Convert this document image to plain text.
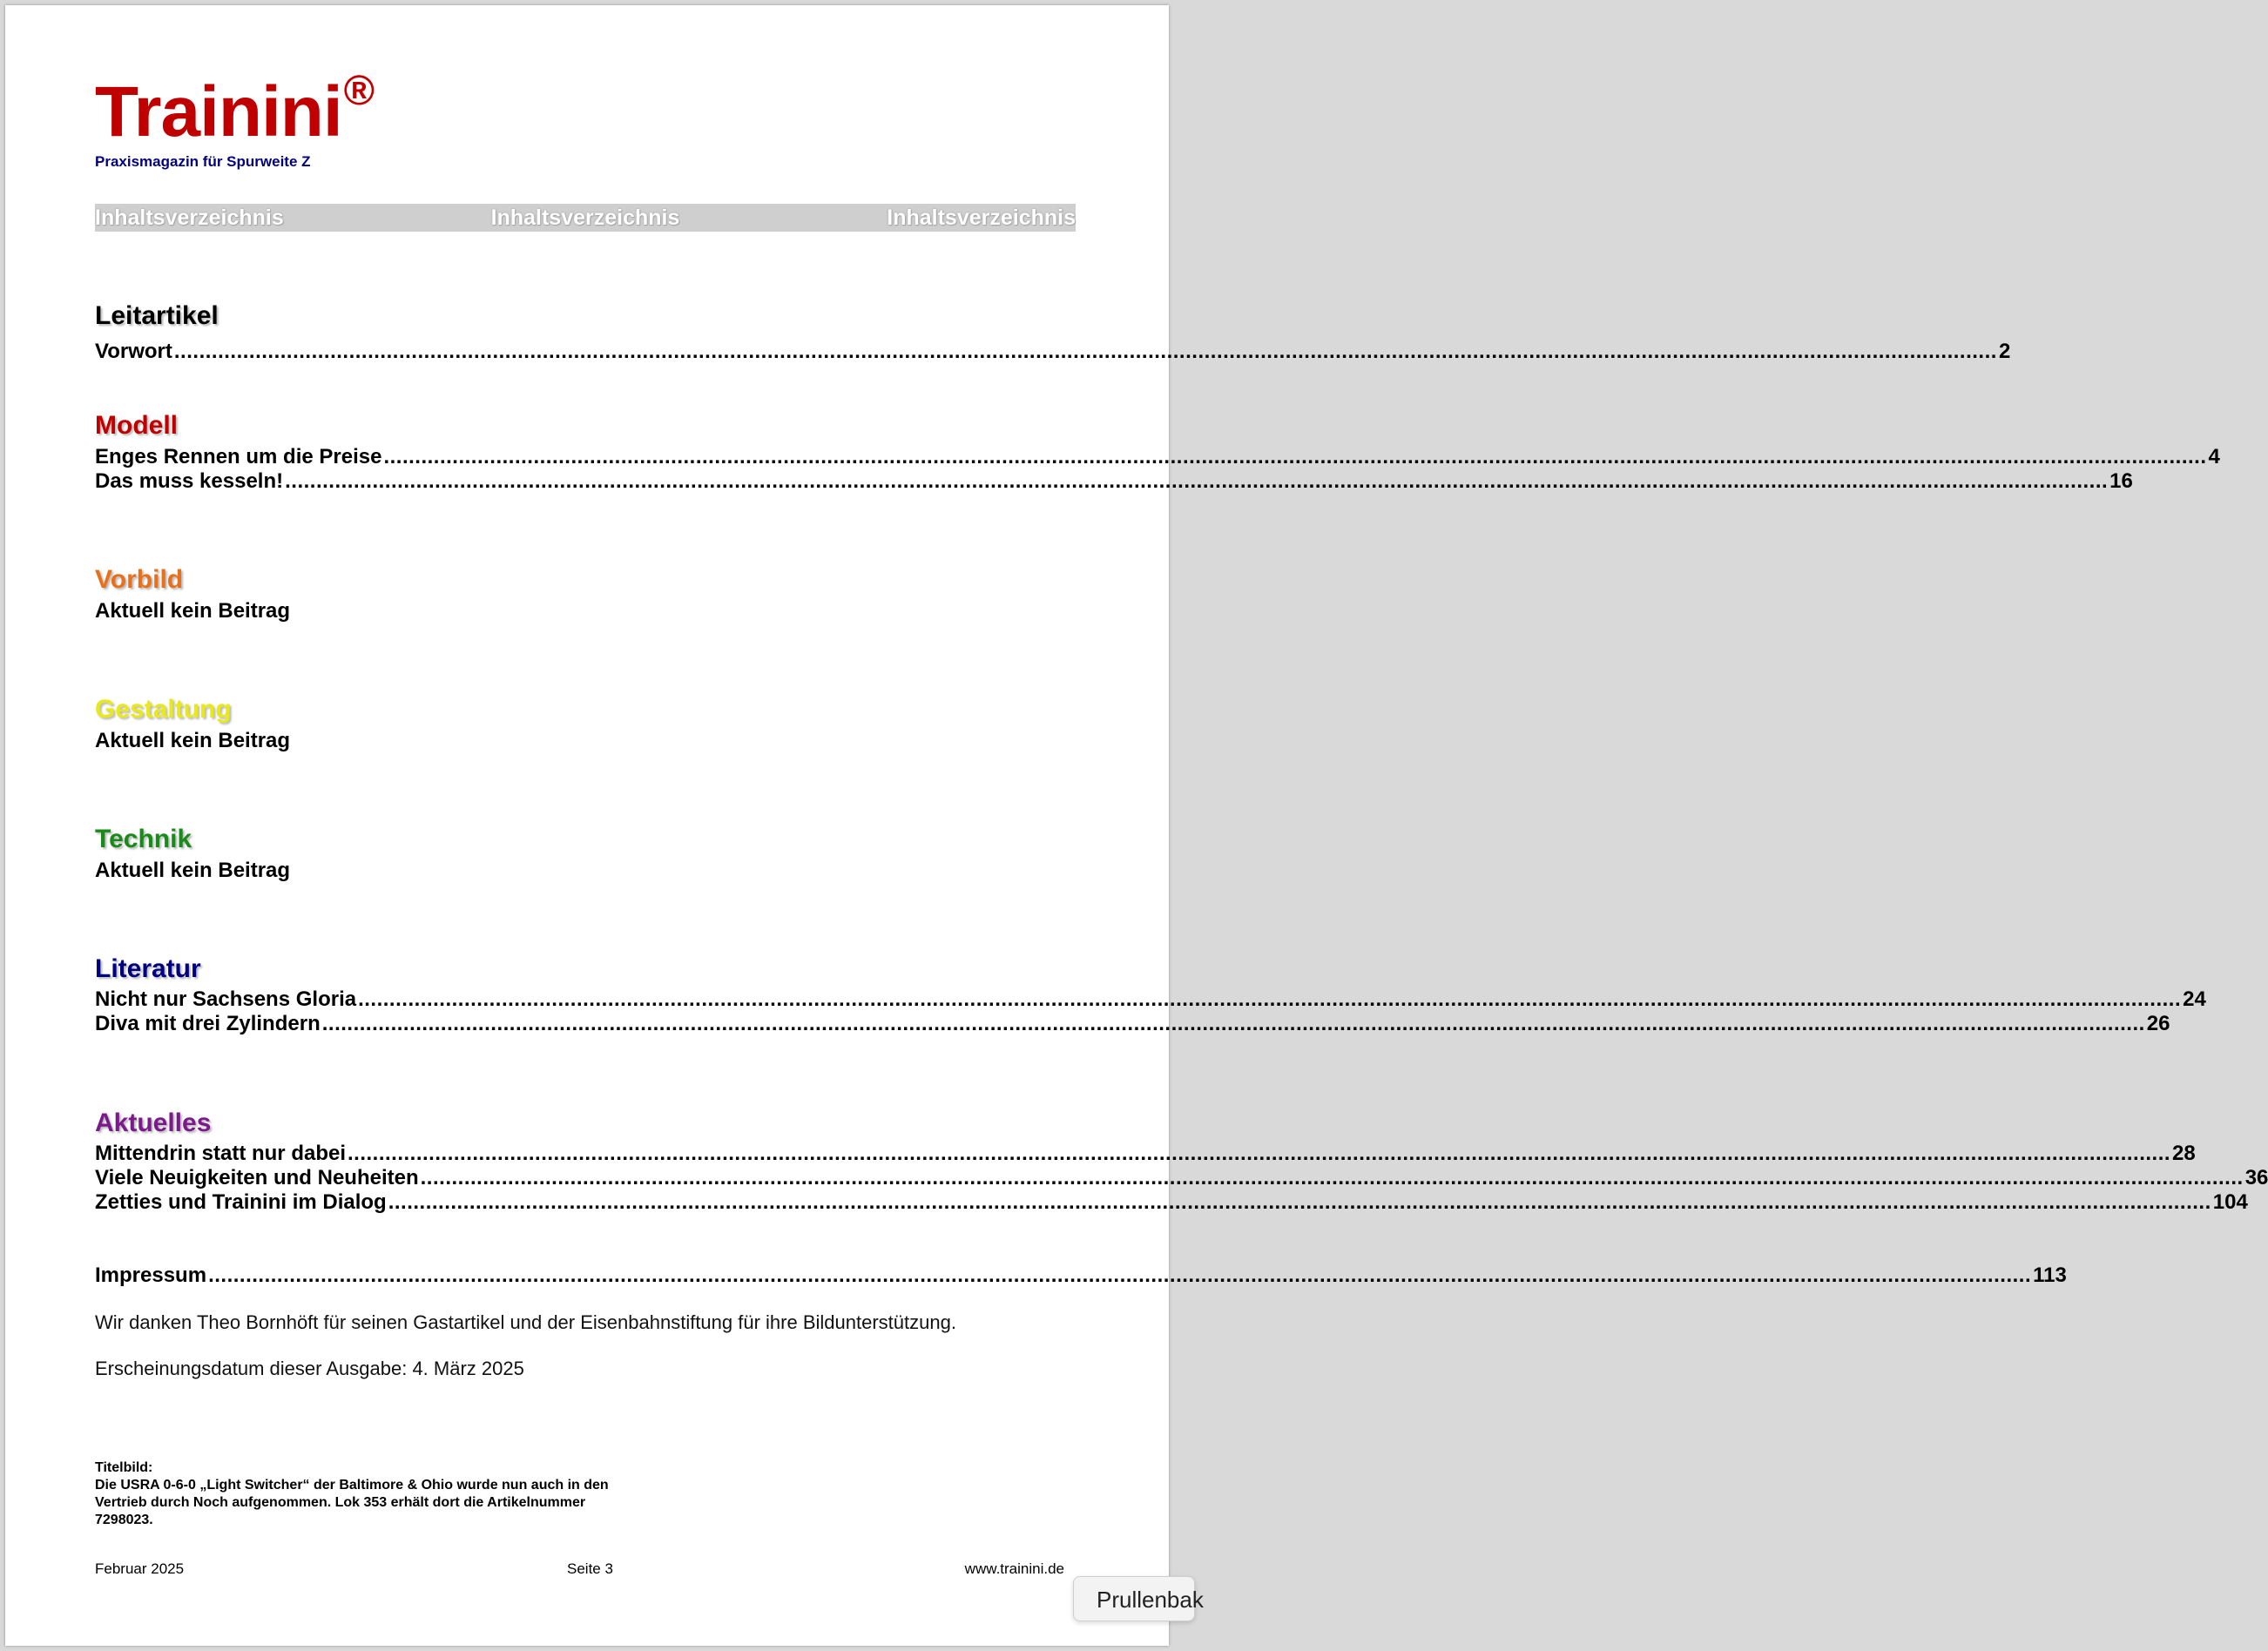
Trainini®
Praxismagazin für Spurweite Z
Inhaltsverzeichnis	Inhaltsverzeichnis	Inhaltsverzeichnis
Leitartikel
Vorwort .....	2
Modell
Enges Rennen um die Preise .....	4
Das muss kesseln! .....	16
Vorbild
Aktuell kein Beitrag
Gestaltung
Aktuell kein Beitrag
Technik
Aktuell kein Beitrag
Literatur
Nicht nur Sachsens Gloria .....	24
Diva mit drei Zylindern .....	26
Aktuelles
Mittendrin statt nur dabei .....	28
Viele Neuigkeiten und Neuheiten .....	36
Zetties und Trainini im Dialog .....	104
Impressum .....	113
Wir danken Theo Bornhöft für seinen Gastartikel und der Eisenbahnstiftung für ihre Bildunterstützung.
Erscheinungsdatum dieser Ausgabe: 4. März 2025
Titelbild:
Die USRA 0-6-0 „Light Switcher“ der Baltimore & Ohio wurde nun auch in den Vertrieb durch Noch aufgenommen. Lok 353 erhält dort die Artikelnummer 7298023.
Februar 2025	Seite 3	www.trainini.de
Prullenbak
